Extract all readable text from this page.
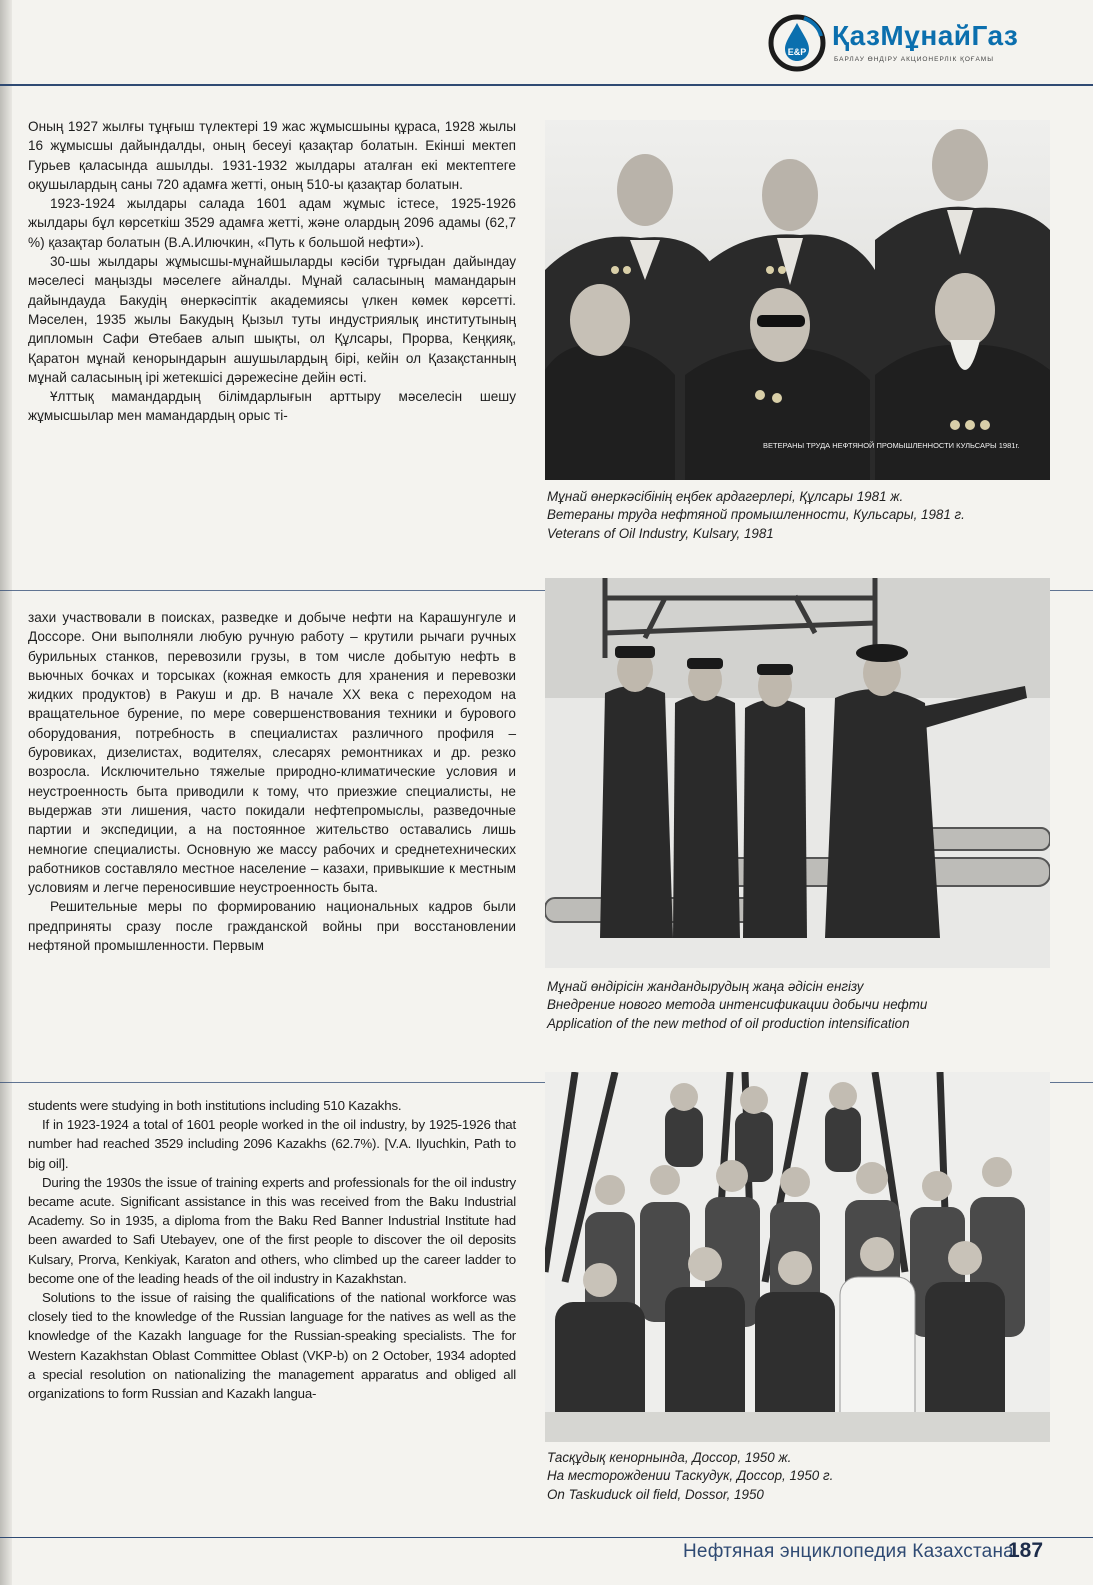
E&P
ҚазМұнайГаз
БАРЛАУ ӨНДІРУ АКЦИОНЕРЛІК ҚОҒАМЫ

Оның 1927 жылғы тұңғыш түлектері 19 жас жұмысшыны құраса, 1928 жылы 16 жұмысшы дайындалды, оның бесеуі қазақтар болатын. Екінші мектеп Гурьев қаласында ашылды. 1931-1932 жылдары аталған екі мектептеге оқушылардың саны 720 адамға жетті, оның 510-ы қазақтар болатын.

1923-1924 жылдары салада 1601 адам жұмыс істесе, 1925-1926 жылдары бұл көрсеткіш 3529 адамға жетті, және олардың 2096 адамы (62,7 %) қазақтар болатын (В.А.Илючкин, «Путь к большой нефти»).

30-шы жылдары жұмысшы-мұнайшыларды кәсіби тұрғыдан дайындау мәселесі маңызды мәселеге айналды. Мұнай саласының мамандарын дайындауда Бакудің өнеркәсіптік академиясы үлкен көмек көрсетті. Мәселен, 1935 жылы Бакудың Қызыл туты индустриялық институтының дипломын Сафи Өтебаев алып шықты, ол Құлсары, Прорва, Кеңқияқ, Қаратон мұнай кенорындарын ашушылардың бірі, кейін ол Қазақстанның мұнай саласының ірі жетекшісі дәрежесіне дейін өсті.

Ұлттық мамандардың білімдарлығын арттыру мәселесін шешу жұмысшылар мен мамандардың орыс ті-

захи участвовали в поисках, разведке и добыче нефти на Карашунгуле и Доссоре. Они выполняли любую ручную работу – крутили рычаги ручных бурильных станков, перевозили грузы, в том числе добытую нефть в вьючных бочках и торсыках (кожная емкость для хранения и перевозки жидких продуктов) в Ракуш и др. В начале XX века с переходом на вращательное бурение, по мере совершенствования техники и бурового оборудования, потребность в специалистах различного профиля – буровиках, дизелистах, водителях, слесарях ремонтниках и др. резко возросла. Исключительно тяжелые природно-климатические условия и неустроенность быта приводили к тому, что приезжие специалисты, не выдержав эти лишения, часто покидали нефтепромыслы, разведочные партии и экспедиции, а на постоянное жительство оставались лишь немногие специалисты. Основную же массу рабочих и среднетехнических работников составляло местное население – казахи, привыкшие к местным условиям и легче переносившие неустроенность быта.

Решительные меры по формированию национальных кадров были предприняты сразу после гражданской войны при восстановлении нефтяной промышленности. Первым

students were studying in both institutions including 510 Kazakhs.

If in 1923-1924 a total of 1601 people worked in the oil industry, by 1925-1926 that number had reached 3529 including 2096 Kazakhs (62.7%). [V.A. Ilyuchkin, Path to big oil].

During the 1930s the issue of training experts and professionals for the oil industry became acute. Significant assistance in this was received from the Baku Industrial Academy. So in 1935, a diploma from the Baku Red Banner Industrial Institute had been awarded to Safi Utebayev, one of the first people to discover the oil deposits Kulsary, Prorva, Kenkiyak, Karaton and others, who climbed up the career ladder to become one of the leading heads of the oil industry in Kazakhstan.

Solutions to the issue of raising the qualifications of the national workforce was closely tied to the knowledge of the Russian language for the natives as well as the knowledge of the Kazakh language for the Russian-speaking specialists. The for Western Kazakhstan Oblast Committee Oblast (VKP-b) on 2 October, 1934 adopted a special resolution on nationalizing the management apparatus and obliged all organizations to form Russian and Kazakh langua-

ВЕТЕРАНЫ ТРУДА НЕФТЯНОЙ ПРОМЫШЛЕННОСТИ КУЛЬСАРЫ 1981г.
Мұнай өнеркәсібінің еңбек ардагерлері, Құлсары 1981 ж.
Ветераны труда нефтяной промышленности, Кульсары, 1981 г.
Veterans of Oil Industry, Kulsary, 1981
Мұнай өндірісін жандандырудың жаңа әдісін енгізу
Внедрение нового метода интенсификации добычи нефти
Application of the new method of oil production intensification
Тасқұдық кенорнында, Доссор, 1950 ж.
На месторождении Таскудук, Доссор, 1950 г.
On Taskuduck oil field, Dossor, 1950
Нефтяная энциклопедия Казахстана
187
